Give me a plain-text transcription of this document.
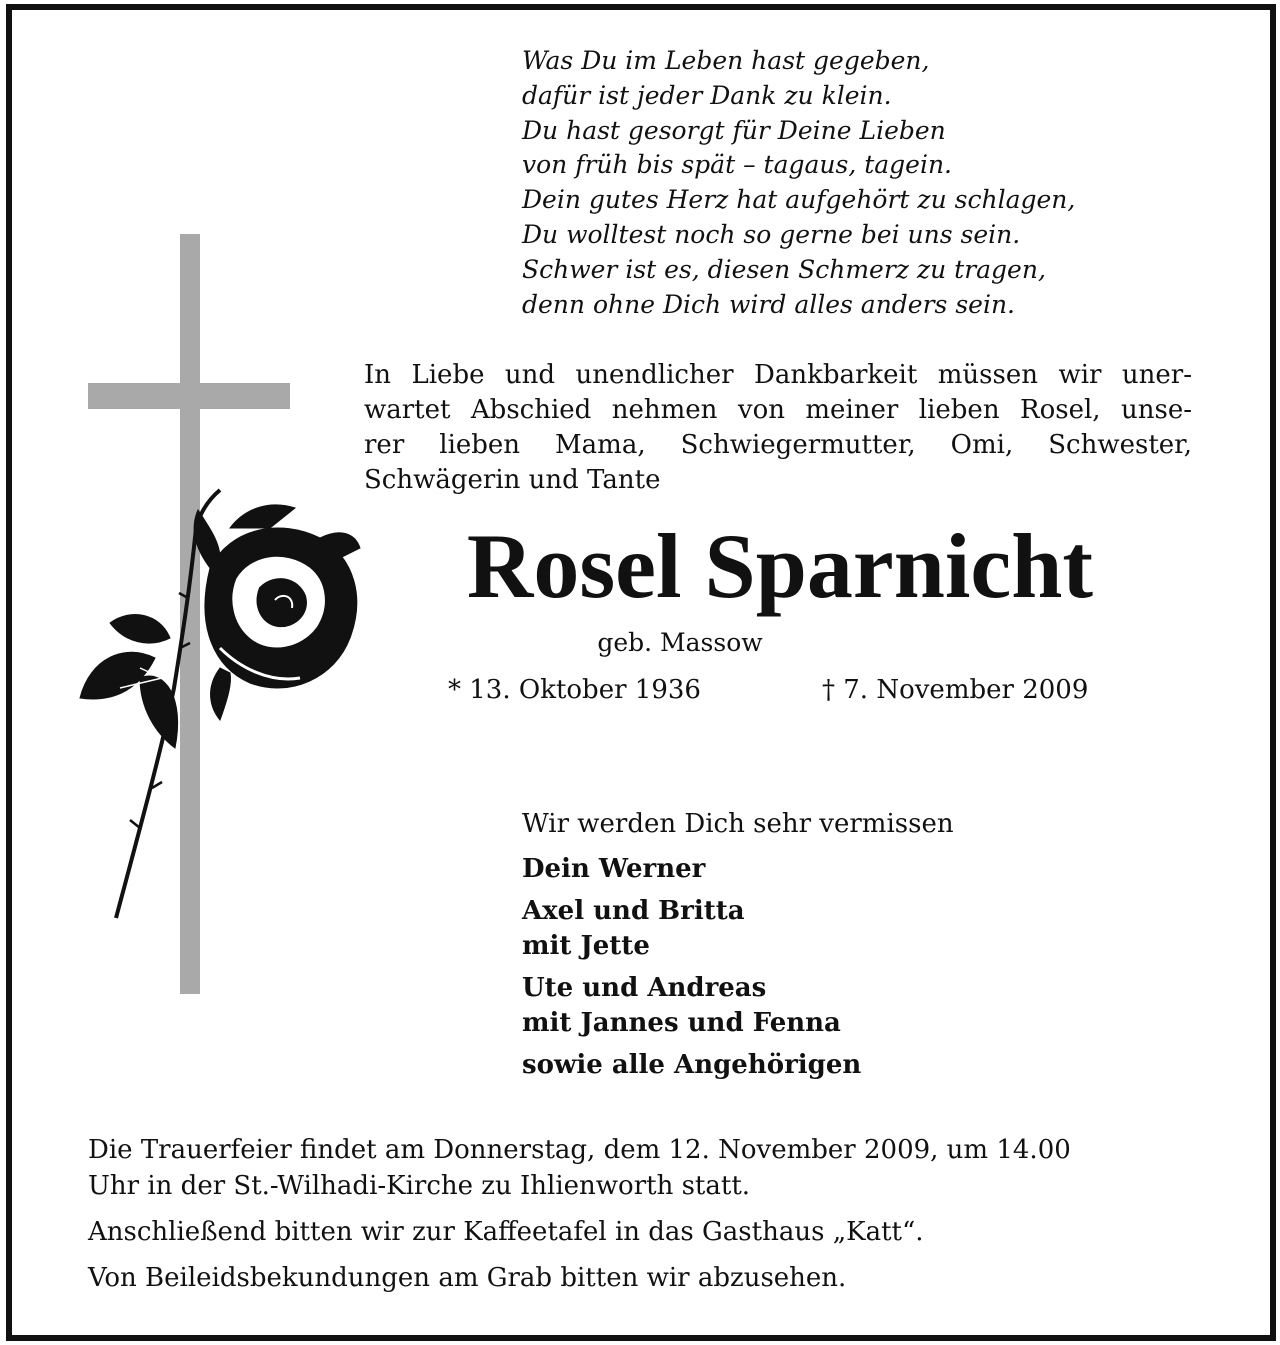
Was Du im Leben hast gegeben,
dafür ist jeder Dank zu klein.
Du hast gesorgt für Deine Lieben
von früh bis spät – tagaus, tagein.
Dein gutes Herz hat aufgehört zu schlagen,
Du wolltest noch so gerne bei uns sein.
Schwer ist es, diesen Schmerz zu tragen,
denn ohne Dich wird alles anders sein.
In Liebe und unendlicher Dankbarkeit müssen wir uner-
wartet Abschied nehmen von meiner lieben Rosel, unse-
rer lieben Mama, Schwiegermutter, Omi, Schwester,
Schwägerin und Tante
Rosel Sparnicht
geb. Massow
* 13. Oktober 1936	† 7. November 2009
Wir werden Dich sehr vermissen
Dein Werner
Axel und Britta
mit Jette
Ute und Andreas
mit Jannes und Fenna
sowie alle Angehörigen
Die Trauerfeier findet am Donnerstag, dem 12. November 2009, um 14.00
Uhr in der St.-Wilhadi-Kirche zu Ihlienworth statt.
Anschließend bitten wir zur Kaffeetafel in das Gasthaus „Katt“.
Von Beileidsbekundungen am Grab bitten wir abzusehen.
